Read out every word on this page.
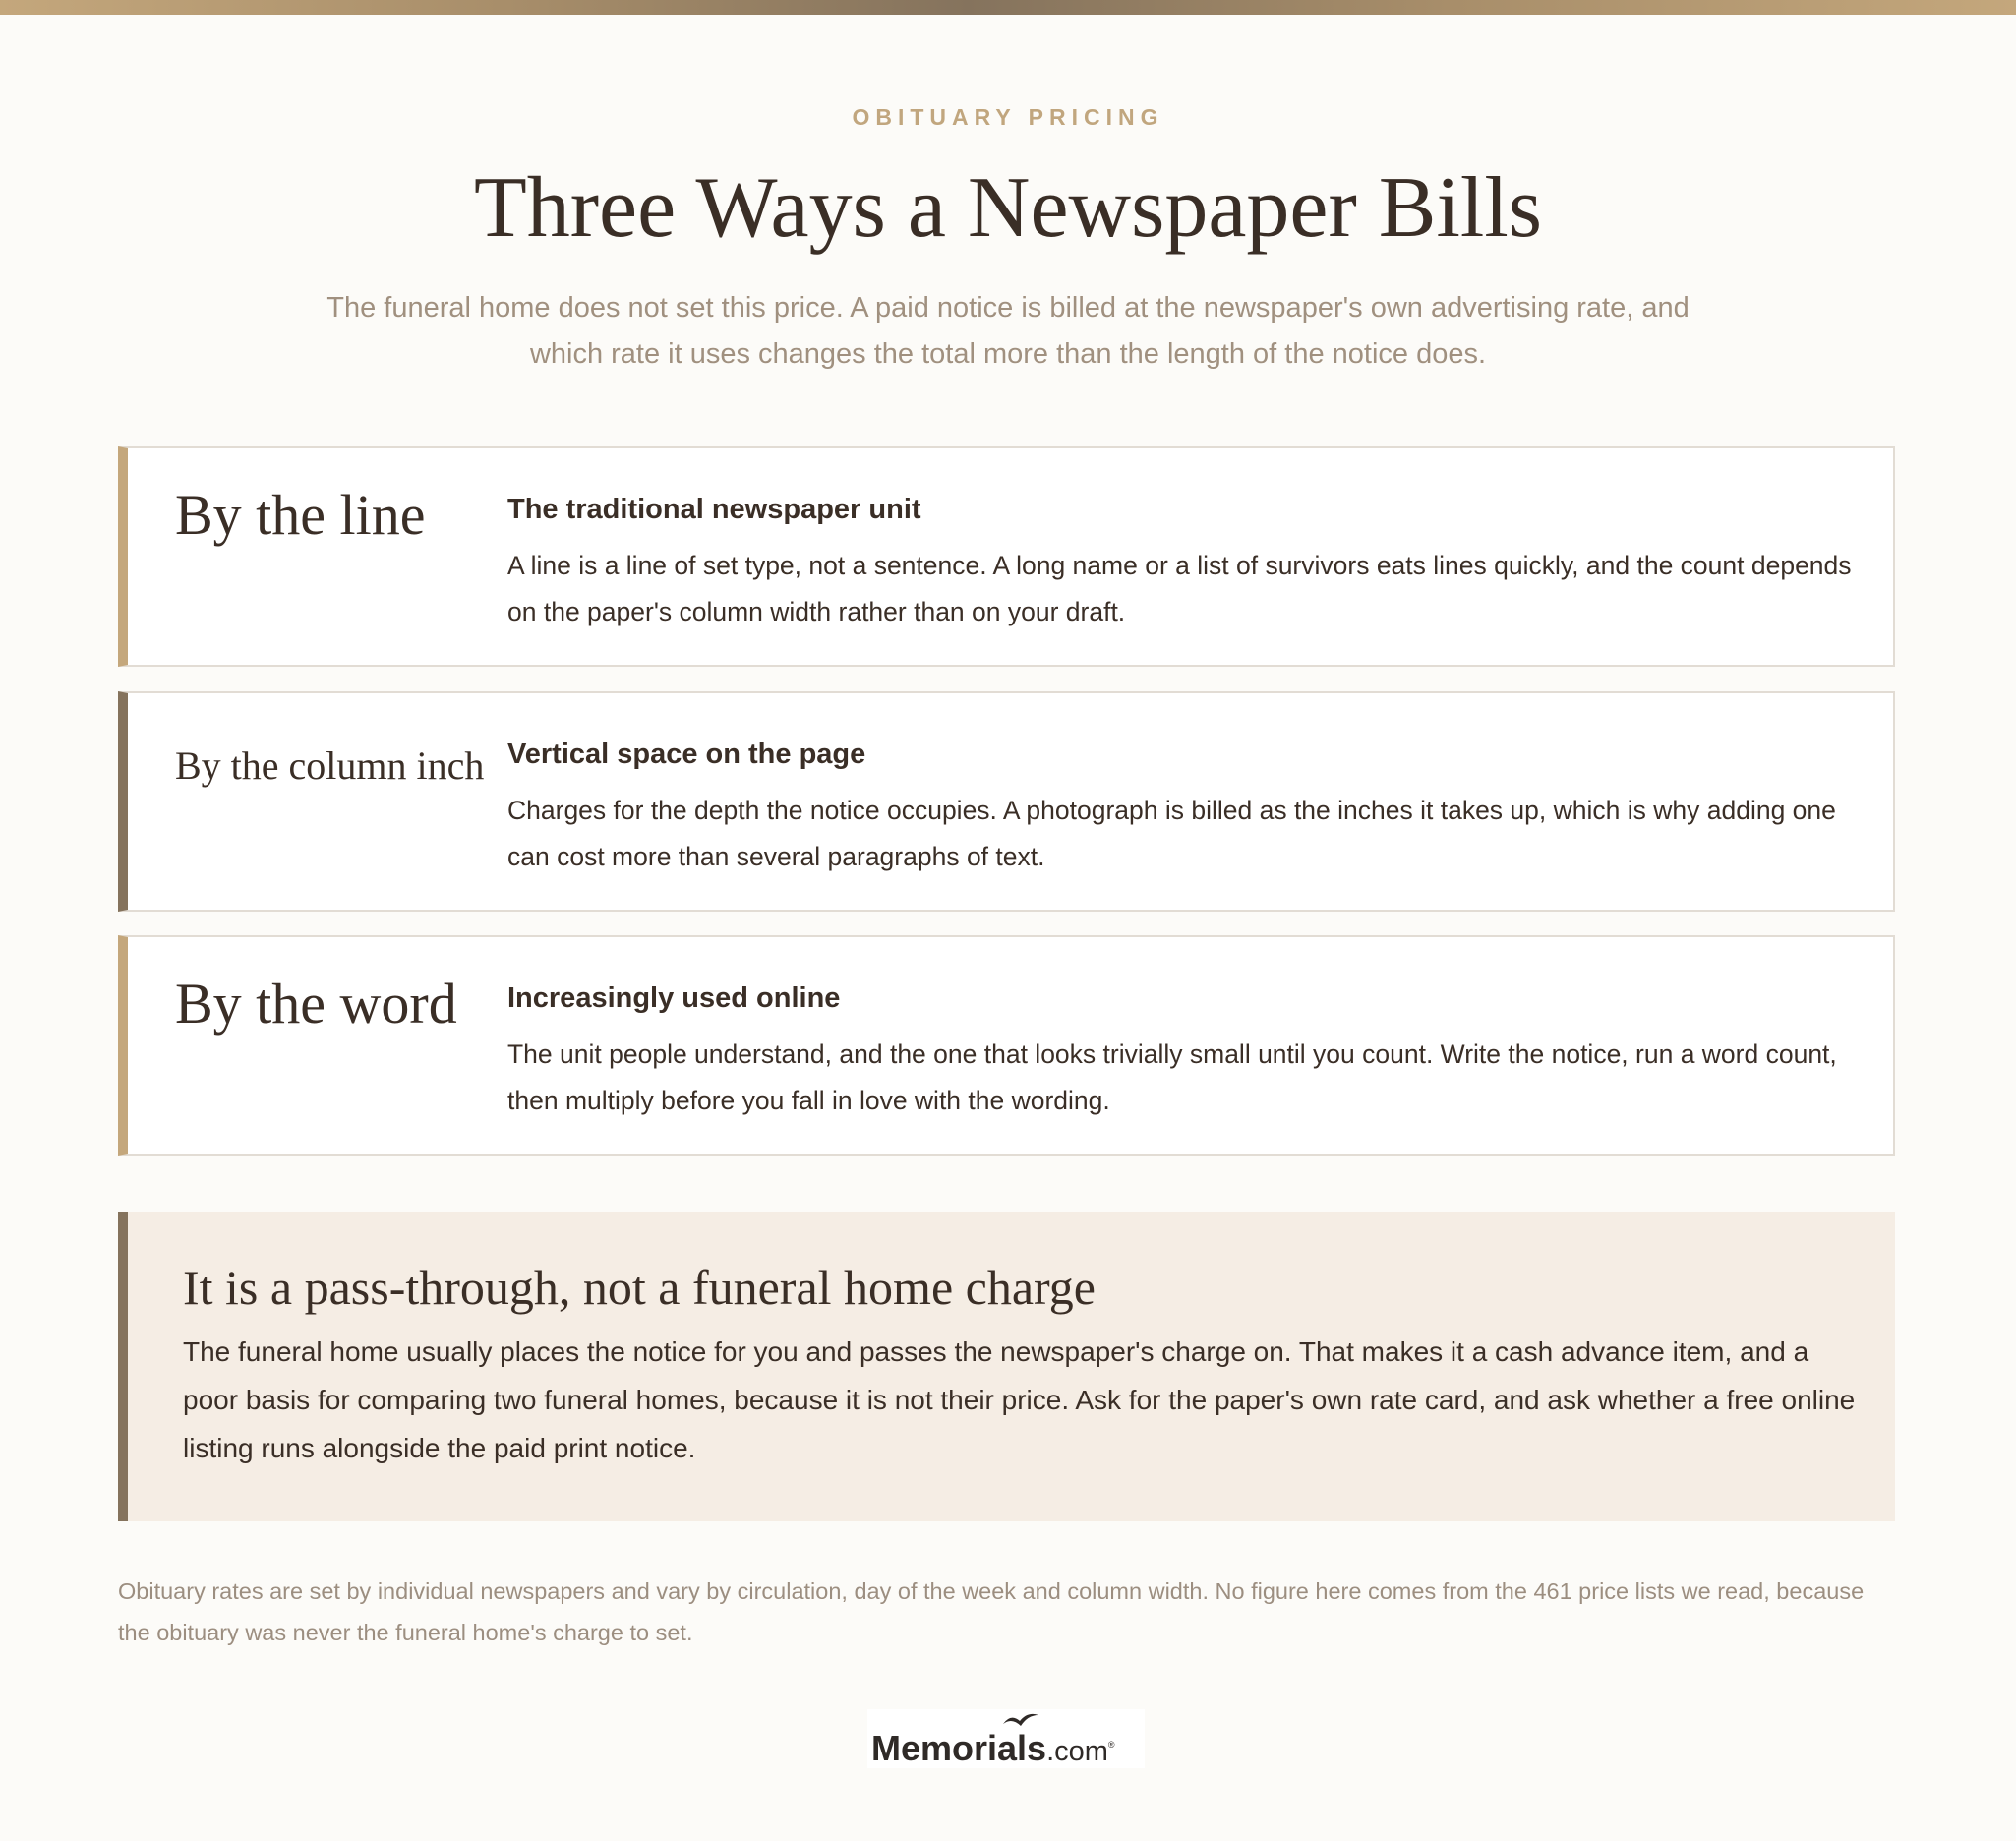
OBITUARY PRICING
Three Ways a Newspaper Bills

The funeral home does not set this price. A paid notice is billed at the newspaper's own advertising rate, and which rate it uses changes the total more than the length of the notice does.

By the line	The traditional newspaper unit

A line is a line of set type, not a sentence. A long name or a list of survivors eats lines quickly, and the count depends on the paper's column width rather than on your draft.

By the column inch Vertical space on the page

Charges for the depth the notice occupies. A photograph is billed as the inches it takes up, which is why adding one can cost more than several paragraphs of text.

By the word	Increasingly used online

The unit people understand, and the one that looks trivially small until you count. Write the notice, run a word count, then multiply before you fall in love with the wording.

It is a pass-through, not a funeral home charge

The funeral home usually places the notice for you and passes the newspaper's charge on. That makes it a cash advance item, and a poor basis for comparing two funeral homes, because it is not their price. Ask for the paper's own rate card, and ask whether a free online listing runs alongside the paid print notice.

Obituary rates are set by individual newspapers and vary by circulation, day of the week and column width. No figure here comes from the 461 price lists we read, because the obituary was never the funeral home's charge to set.

Memorials.com®
